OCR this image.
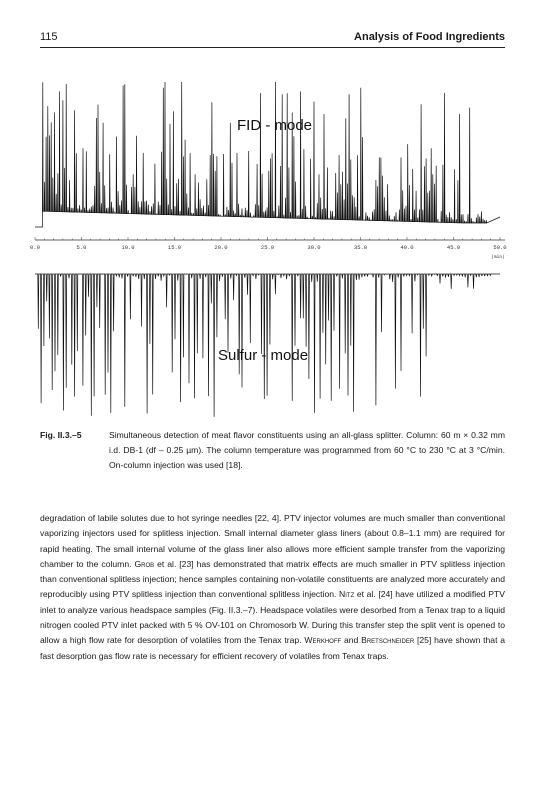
115	Analysis of Food Ingredients
0.0	5.0	10.0	15.0	20.0	25.0	30.0	35.0	40.0	45.0	50.0
(min)
FID - mode
Sulfur - mode
Fig. II.3.–5	Simultaneous detection of meat flavor constituents using an all-glass splitter. Column: 60 m × 0.32 mm i.d. DB-1 (df – 0.25 µm). The column temperature was programmed from 60 °C to 230 °C at 3 °C/min. On-column injection was used [18].
degradation of labile solutes due to hot syringe needles [22, 4]. PTV injector volumes are much smaller than conventional vaporizing injectors used for splitless injection. Small internal diameter glass liners (about 0.8–1.1 mm) are required for rapid heating. The small internal volume of the glass liner also allows more efficient sample transfer from the vaporizing chamber to the column. Grob et al. [23] has demonstrated that matrix effects are much smaller in PTV splitless injection than conventional splitless injection; hence samples containing non-volatile constituents are analyzed more accurately and reproducibly using PTV splitless injection than conventional splitless injection. Nitz et al. [24] have utilized a modified PTV inlet to analyze various headspace samples (Fig. II.3.–7). Headspace volatiles were desorbed from a Tenax trap to a liquid nitrogen cooled PTV inlet packed with 5 % OV-101 on Chromosorb W. During this transfer step the split vent is opened to allow a high flow rate for desorption of volatiles from the Tenax trap. Werkhoff and Bretschneider [25] have shown that a fast desorption gas flow rate is necessary for efficient recovery of volatiles from Tenax traps.
